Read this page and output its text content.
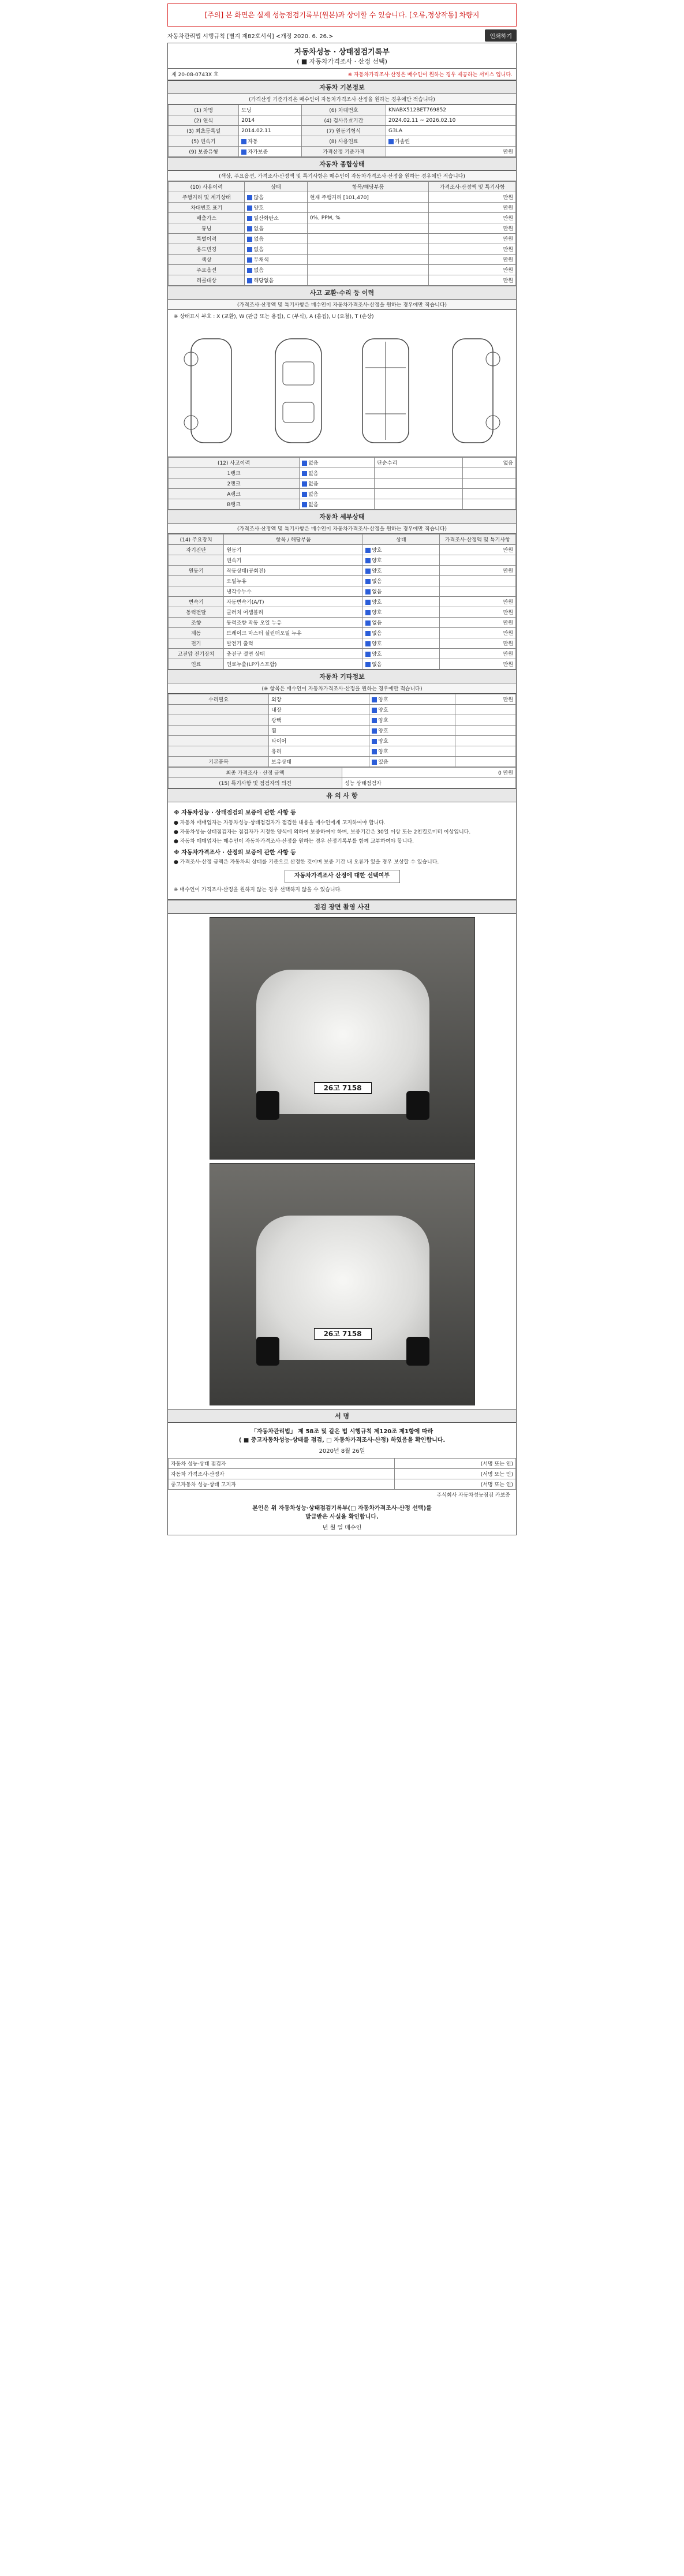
[주의] 본 화면은 실제 성능점검기록부(원본)과 상이할 수 있습니다. [오류,정상작동] 차량지
자동차관리법 시행규칙 [별지 제82호서식] <개정 2020. 6. 26.>	인쇄하기
자동차성능 · 상태점검기록부
( ■ 자동차가격조사 · 산정 선택)
제 20-08-0743X 호	※ 자동차가격조사·산정은 매수인이 원하는 경우 제공하는 서비스 입니다.
자동차 기본정보
(가격산정 기준가격은 매수인이 자동차가격조사·산정을 원하는 경우에만 적습니다)
(1) 차명	모닝	(6) 차대번호	KNABX512BET769852
(2) 연식	2014	(4) 검사유효기간	2024.02.11 ~ 2026.02.10
(3) 최초등록일	2014.02.11	(7) 원동기형식	G3LA
(5) 변속기	자동	(8) 사용연료	가솔린
(9) 보증유형	자가보증	가격산정 기준가격	만원
자동차 종합상태
(색상, 주요옵션, 가격조사·산정액 및 특기사항은 매수인이 자동차가격조사·산정을 원하는 경우에만 적습니다)
(10) 사용이력	상태	항목/해당부품	가격조사·산정액 및 특기사항
주행거리 및 계기상태	많음	현재 주행거리 [101,470]	만원
차대번호 표기	양호		만원
배출가스	일산화탄소	0%, PPM, %	만원
튜닝	없음		만원
특별이력	없음		만원
용도변경	없음		만원
색상	무채색		만원
주요옵션	없음		만원
리콜대상	해당없음		만원
사고 교환·수리 등 이력
(가격조사·산정액 및 특기사항은 매수인이 자동차가격조사·산정을 원하는 경우에만 적습니다)
※ 상태표시 부호 : X (교환), W (판금 또는 용접), C (부식), A (흠집), U (요철), T (손상)
(12) 사고이력	없음	단순수리	없음
1랭크	없음		
2랭크	없음		
A랭크	없음		
B랭크	없음		
자동차 세부상태
(가격조사·산정액 및 특기사항은 매수인이 자동차가격조사·산정을 원하는 경우에만 적습니다)
(14) 주요장치	항목 / 해당부품	상태	가격조사·산정액 및 특기사항
자기진단	원동기	양호	만원
	변속기	양호	
원동기	작동상태(공회전)	양호	만원
	오일누유	없음	
	냉각수누수	없음	
변속기	자동변속기(A/T)	양호	만원
동력전달	클러치 어셈블리	양호	만원
조향	동력조향 작동 오일 누유	없음	만원
제동	브레이크 마스터 실린더오일 누유	없음	만원
전기	발전기 출력	양호	만원
고전압 전기장치	충전구 절연 상태	양호	만원
연료	연료누출(LP가스포함)	없음	만원
자동차 기타정보
(※ 항목은 매수인이 자동차가격조사·산정을 원하는 경우에만 적습니다)
수리필요	외장	양호	만원
	내장	양호	
	광택	양호	
	휠	양호	
	타이어	양호	
	유리	양호	
기본품목	보유상태	있음	
최종 가격조사 · 산정 금액	0 만원
(15) 특기사항 및 점검자의 의견	성능 상태점검자
유 의 사 항
※ 자동차성능 · 상태점검의 보증에 관한 사항 등

● 자동차 매매업자는 자동차성능·상태점검자가 점검한 내용을 매수인에게 고지하여야 합니다.

● 자동차성능·상태점검자는 점검자가 지정한 양식에 의하여 보증하여야 하며, 보증기간은 30일 이상 또는 2천킬로미터 이상입니다.

● 자동차 매매업자는 매수인이 자동차가격조사·산정을 원하는 경우 산정기록부를 함께 교부하여야 합니다.

※ 자동차가격조사 · 산정의 보증에 관한 사항 등

● 가격조사·산정 금액은 자동차의 상태를 기준으로 산정한 것이며 보증 기간 내 오류가 있을 경우 보상할 수 있습니다.

자동차가격조사 산정에 대한 선택여부

※ 매수인이 가격조사·산정을 원하지 않는 경우 선택하지 않을 수 있습니다.

점검 장면 촬영 사진
26고 7158
26고 7158
서 명
「자동차관리법」 제 58조 및 같은 법 시행규칙 제120조 제1항에 따라
( ■ 중고자동차성능·상태를 점검, □ 자동차가격조사·산정) 하였음을 확인합니다.
2020년 8월 26일
자동차 성능·상태 점검자	(서명 또는 인)
자동차 가격조사·산정자	(서명 또는 인)
중고자동차 성능·상태 고지자	(서명 또는 인)
주식회사 자동차성능점검 카보증
본인은 위 자동차성능·상태점검기록부(□ 자동차가격조사·산정 선택)를
발급받은 사실을 확인합니다.
년 월 일 매수인
